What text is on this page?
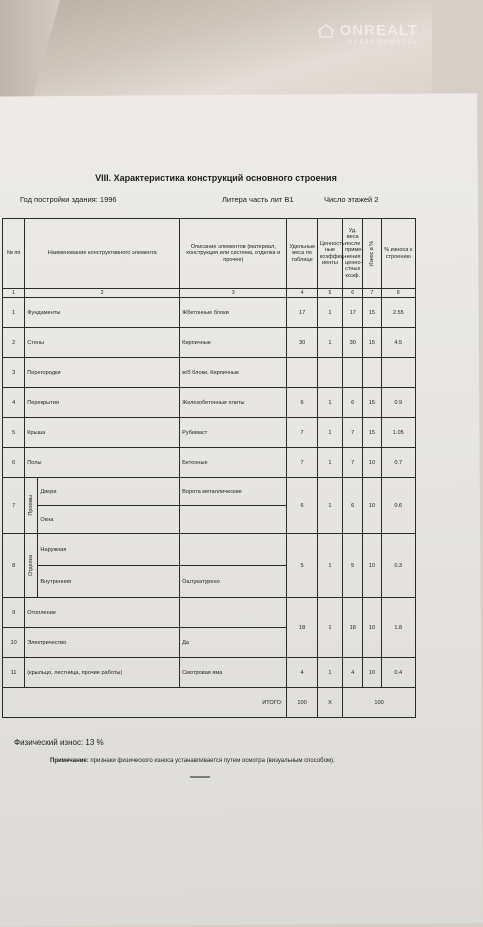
ONREALT
НЕДВИЖИМОСТЬ
VIII. Характеристика конструкций основного строения
Год постройки здания: 1996	Литера часть лит В1	Число этажей 2
№ пп	Наименование конструктивного элемента		Описание элементов (материал, конструкция или система, отделка и прочее)	Удельные веса по таблице	Ценность-ные коэффиц-иенты	Уд. веса после приме-нения ценно-стных коэф.	Износ в %	% износа к строению
1	2		3	4	5	6	7	8
1	Фундаменты		Жбетонные блоки	17	1	17	15	2.55
2	Стены		Кирпичные	30	1	30	15	4.5
3	Перегородки		ж/б блоки, Кирпичные					
4	Перекрытия		Железобетонные плиты	6	1	6	15	0.9
5	Крыша		Рубимаст	7	1	7	15	1.05
6	Полы		Бетонные	7	1	7	10	0.7
7	Проемы	Двери	Ворота металлические	6	1	6	10	0.6
		Окна						
8	Отделка	Наружная		5	1	5	10	0.3
		Внутренняя	Оштукатурено					
9	Отопление			18	1	18	10	1.8
10	Электричество		Да					
11	(крыльцо, лестница, прочие работы)		Смотровая яма	4	1	4	10	0.4
ИТОГО:				100	X	100		
Физический износ: 13 %
Примечание: признаки физического износа устанавливается путем осмотра (визуальным способом).
